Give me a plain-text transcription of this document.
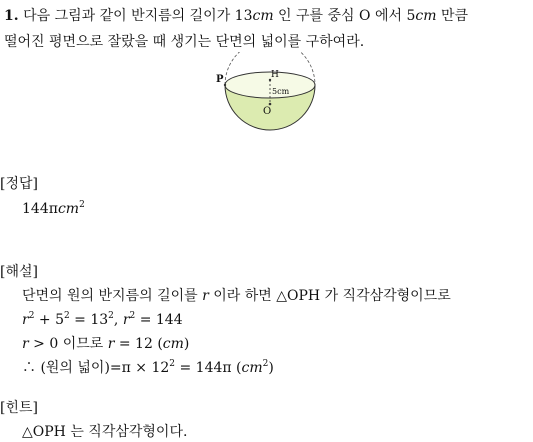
1. 다음 그림과 같이 반지름의 길이가 13cm 인 구를 중심 O 에서 5cm 만큼
떨어진 평면으로 잘랐을 때 생기는 단면의 넓이를 구하여라.
P	H
5cm
O
[정답]
144πcm$^2$
[해설]
단면의 원의 반지름의 길이를 r 이라 하면 △OPH 가 직각삼각형이므로
$r^2 + 5^2 = 13^2$, $r^2 = 144$
r > 0 이므로 r = 12 (cm)
∴ (원의 넓이)$=\pi \times 12^2 = 144\pi$ $(cm^2)$
[힌트]
△OPH 는 직각삼각형이다.
